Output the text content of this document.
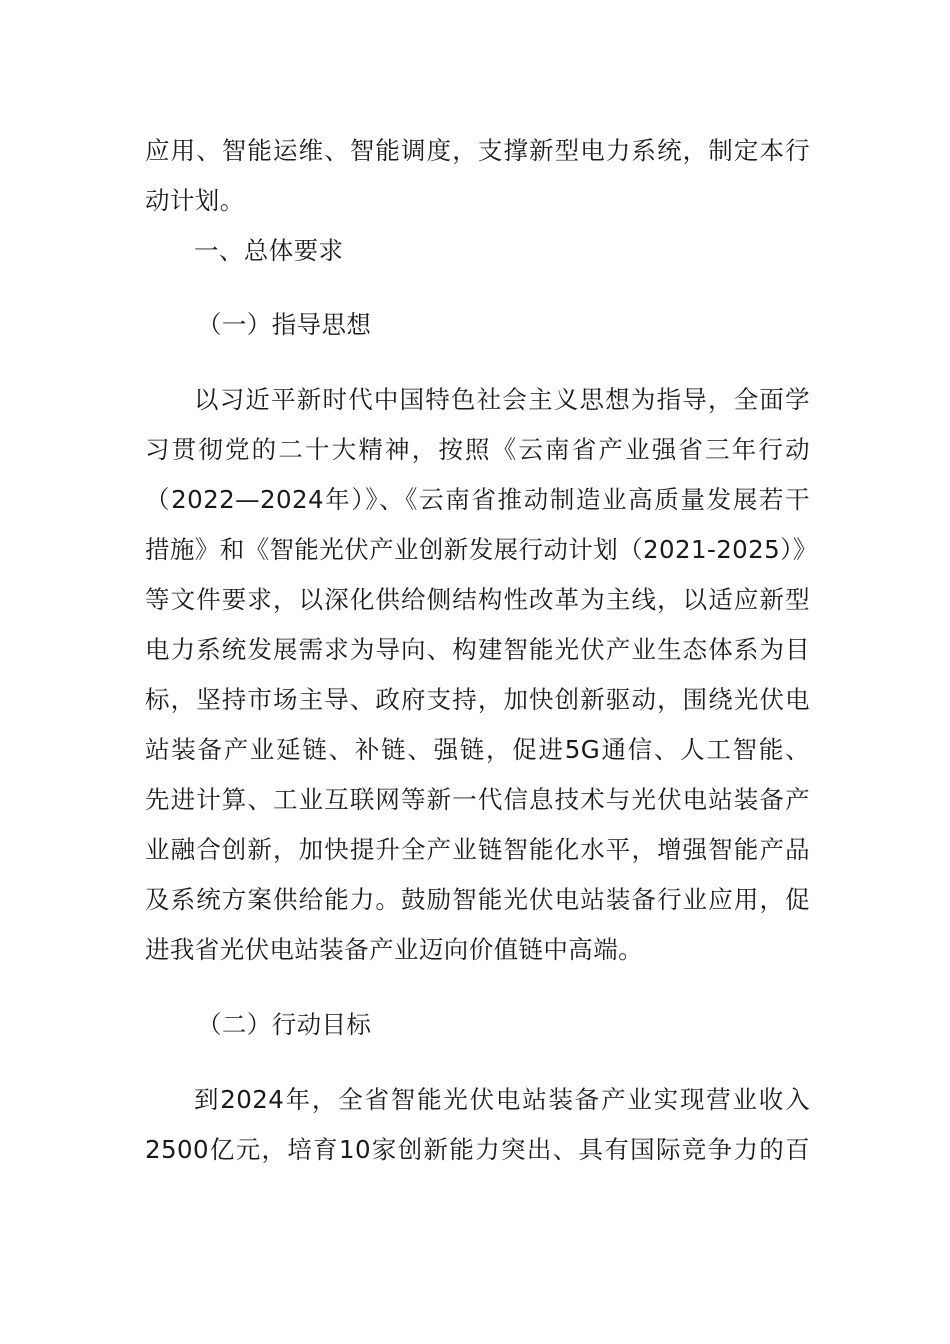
应用、智能运维、智能调度，支撑新型电力系统，制定本行
动计划。
一、总体要求
（一）指导思想
以习近平新时代中国特色社会主义思想为指导，全面学
习贯彻党的二十大精神，按照《云南省产业强省三年行动
（2022—2024年）》、《云南省推动制造业高质量发展若干
措施》和《智能光伏产业创新发展行动计划（2021-2025）》
等文件要求，以深化供给侧结构性改革为主线，以适应新型
电力系统发展需求为导向、构建智能光伏产业生态体系为目
标，坚持市场主导、政府支持，加快创新驱动，围绕光伏电
站装备产业延链、补链、强链，促进5G通信、人工智能、
先进计算、工业互联网等新一代信息技术与光伏电站装备产
业融合创新，加快提升全产业链智能化水平，增强智能产品
及系统方案供给能力。鼓励智能光伏电站装备行业应用，促
进我省光伏电站装备产业迈向价值链中高端。
（二）行动目标
到2024年，全省智能光伏电站装备产业实现营业收入
2500亿元，培育10家创新能力突出、具有国际竞争力的百
